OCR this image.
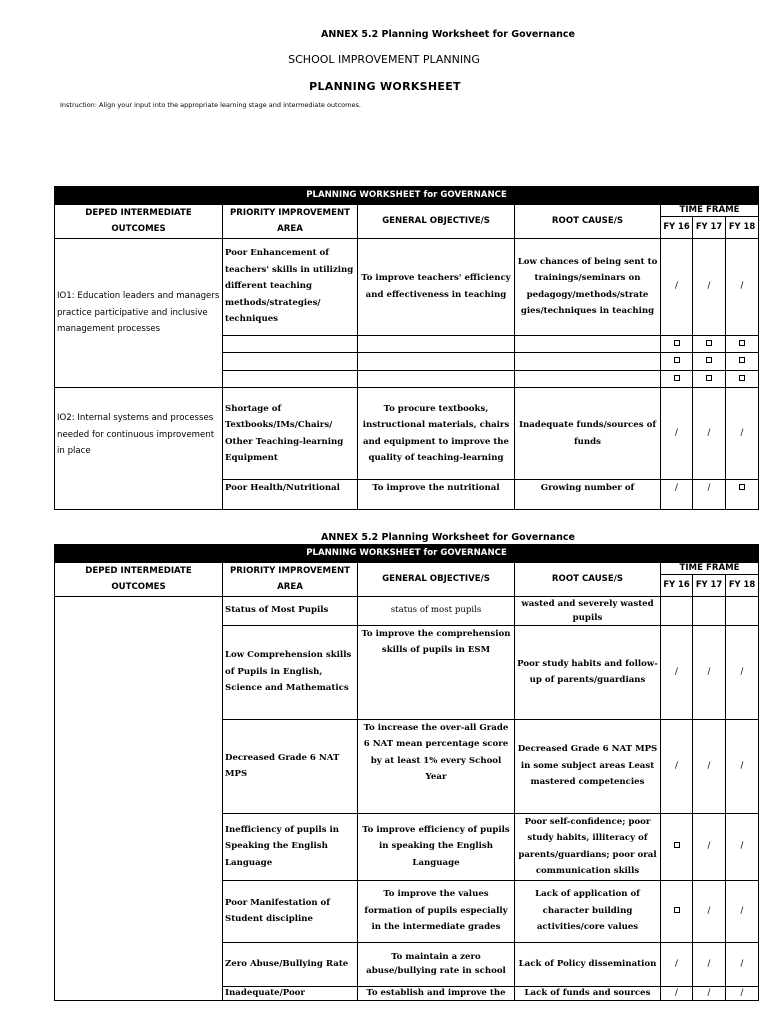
ANNEX 5.2 Planning Worksheet for Governance
SCHOOL IMPROVEMENT PLANNING
PLANNING WORKSHEET
Instruction: Align your input into the appropriate learning stage and intermediate outcomes.
PLANNING WORKSHEET for GOVERNANCE						
DEPED INTERMEDIATE OUTCOMES	PRIORITY IMPROVEMENT AREA	GENERAL OBJECTIVE/S	ROOT CAUSE/S	TIME FRAME		
				FY 16	FY 17	FY 18
IO1: Education leaders and managers practice participative and inclusive management processes	Poor Enhancement of teachers' skills in utilizing different teaching methods/strategies/ techniques	To improve teachers' efficiency and effectiveness in teaching	Low chances of being sent to trainings/seminars on pedagogy/methods/strate gies/techniques in teaching	/	/	/

IO2: Internal systems and processes needed for continuous improvement in place	Shortage of Textbooks/IMs/Chairs/ Other Teaching-learning Equipment	To procure textbooks, instructional materials, chairs and equipment to improve the quality of teaching-learning	Inadequate funds/sources of funds	/	/	/
	Poor Health/Nutritional	To improve the nutritional	Growing number of	/	/	
ANNEX 5.2 Planning Worksheet for Governance
PLANNING WORKSHEET for GOVERNANCE						
DEPED INTERMEDIATE OUTCOMES	PRIORITY IMPROVEMENT AREA	GENERAL OBJECTIVE/S	ROOT CAUSE/S	TIME FRAME		
				FY 16	FY 17	FY 18
	Status of Most Pupils	status of most pupils	wasted and severely wasted pupils			
	Low Comprehension skills of Pupils in English, Science and Mathematics	To improve the comprehension skills of pupils in ESM	Poor study habits and follow-up of parents/guardians	/	/	/
	Decreased Grade 6 NAT MPS	To increase the over-all Grade 6 NAT mean percentage score by at least 1% every School Year	Decreased Grade 6 NAT MPS in some subject areas Least mastered competencies	/	/	/
	Inefficiency of pupils in Speaking the English Language	To improve efficiency of pupils in speaking the English Language	Poor self-confidence; poor study habits, illiteracy of parents/guardians; poor oral communication skills		/	/
	Poor Manifestation of Student discipline	To improve the values formation of pupils especially in the intermediate grades	Lack of application of character building activities/core values		/	/
	Zero Abuse/Bullying Rate	To maintain a zero abuse/bullying rate in school	Lack of Policy dissemination	/	/	/
	Inadequate/Poor	To establish and improve the	Lack of funds and sources	/	/	/
